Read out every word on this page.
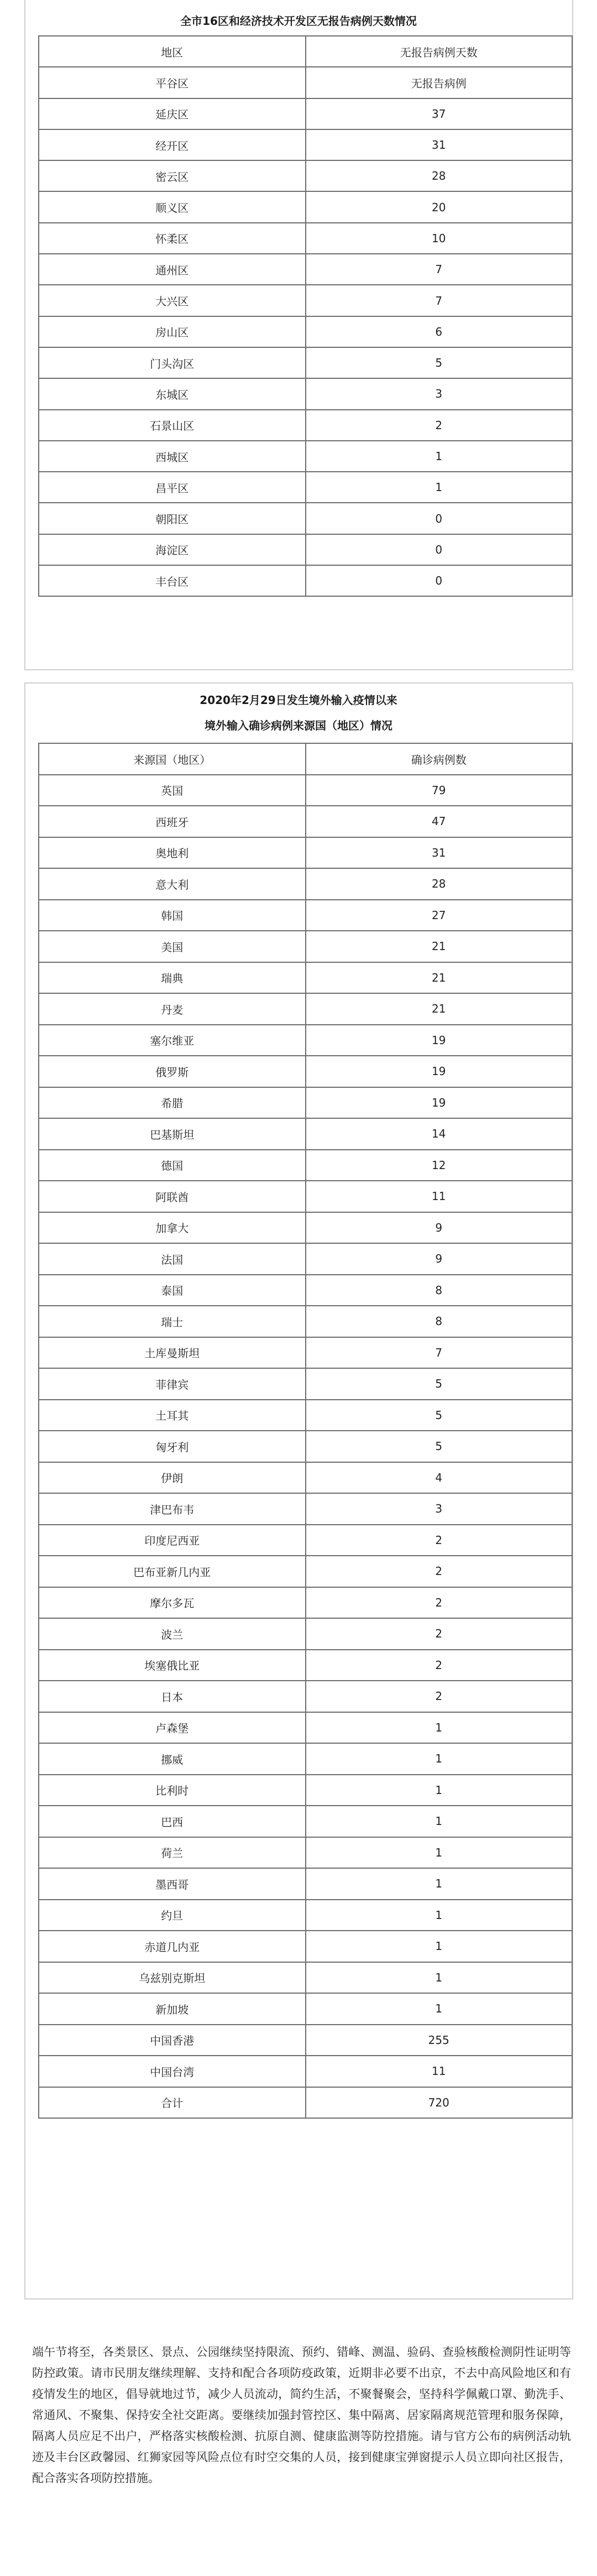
全市16区和经济技术开发区无报告病例天数情况
地区	无报告病例天数
平谷区	无报告病例
延庆区	37
经开区	31
密云区	28
顺义区	20
怀柔区	10
通州区	7
大兴区	7
房山区	6
门头沟区	5
东城区	3
石景山区	2
西城区	1
昌平区	1
朝阳区	0
海淀区	0
丰台区	0
2020年2月29日发生境外输入疫情以来
境外输入确诊病例来源国（地区）情况
来源国（地区）	确诊病例数
英国	79
西班牙	47
奥地利	31
意大利	28
韩国	27
美国	21
瑞典	21
丹麦	21
塞尔维亚	19
俄罗斯	19
希腊	19
巴基斯坦	14
德国	12
阿联酋	11
加拿大	9
法国	9
泰国	8
瑞士	8
土库曼斯坦	7
菲律宾	5
土耳其	5
匈牙利	5
伊朗	4
津巴布韦	3
印度尼西亚	2
巴布亚新几内亚	2
摩尔多瓦	2
波兰	2
埃塞俄比亚	2
日本	2
卢森堡	1
挪威	1
比利时	1
巴西	1
荷兰	1
墨西哥	1
约旦	1
赤道几内亚	1
乌兹别克斯坦	1
新加坡	1
中国香港	255
中国台湾	11
合计	720
端午节将至，各类景区、景点、公园继续坚持限流、预约、错峰、测温、验码、查验核酸检测阴性证明等防控政策。请市民朋友继续理解、支持和配合各项防疫政策，近期非必要不出京，不去中高风险地区和有疫情发生的地区，倡导就地过节，减少人员流动，简约生活，不聚餐聚会，坚持科学佩戴口罩、勤洗手、常通风、不聚集、保持安全社交距离。要继续加强封管控区、集中隔离、居家隔离规范管理和服务保障，隔离人员应足不出户，严格落实核酸检测、抗原自测、健康监测等防控措施。请与官方公布的病例活动轨迹及丰台区政馨园、红狮家园等风险点位有时空交集的人员，接到健康宝弹窗提示人员立即向社区报告，配合落实各项防控措施。
